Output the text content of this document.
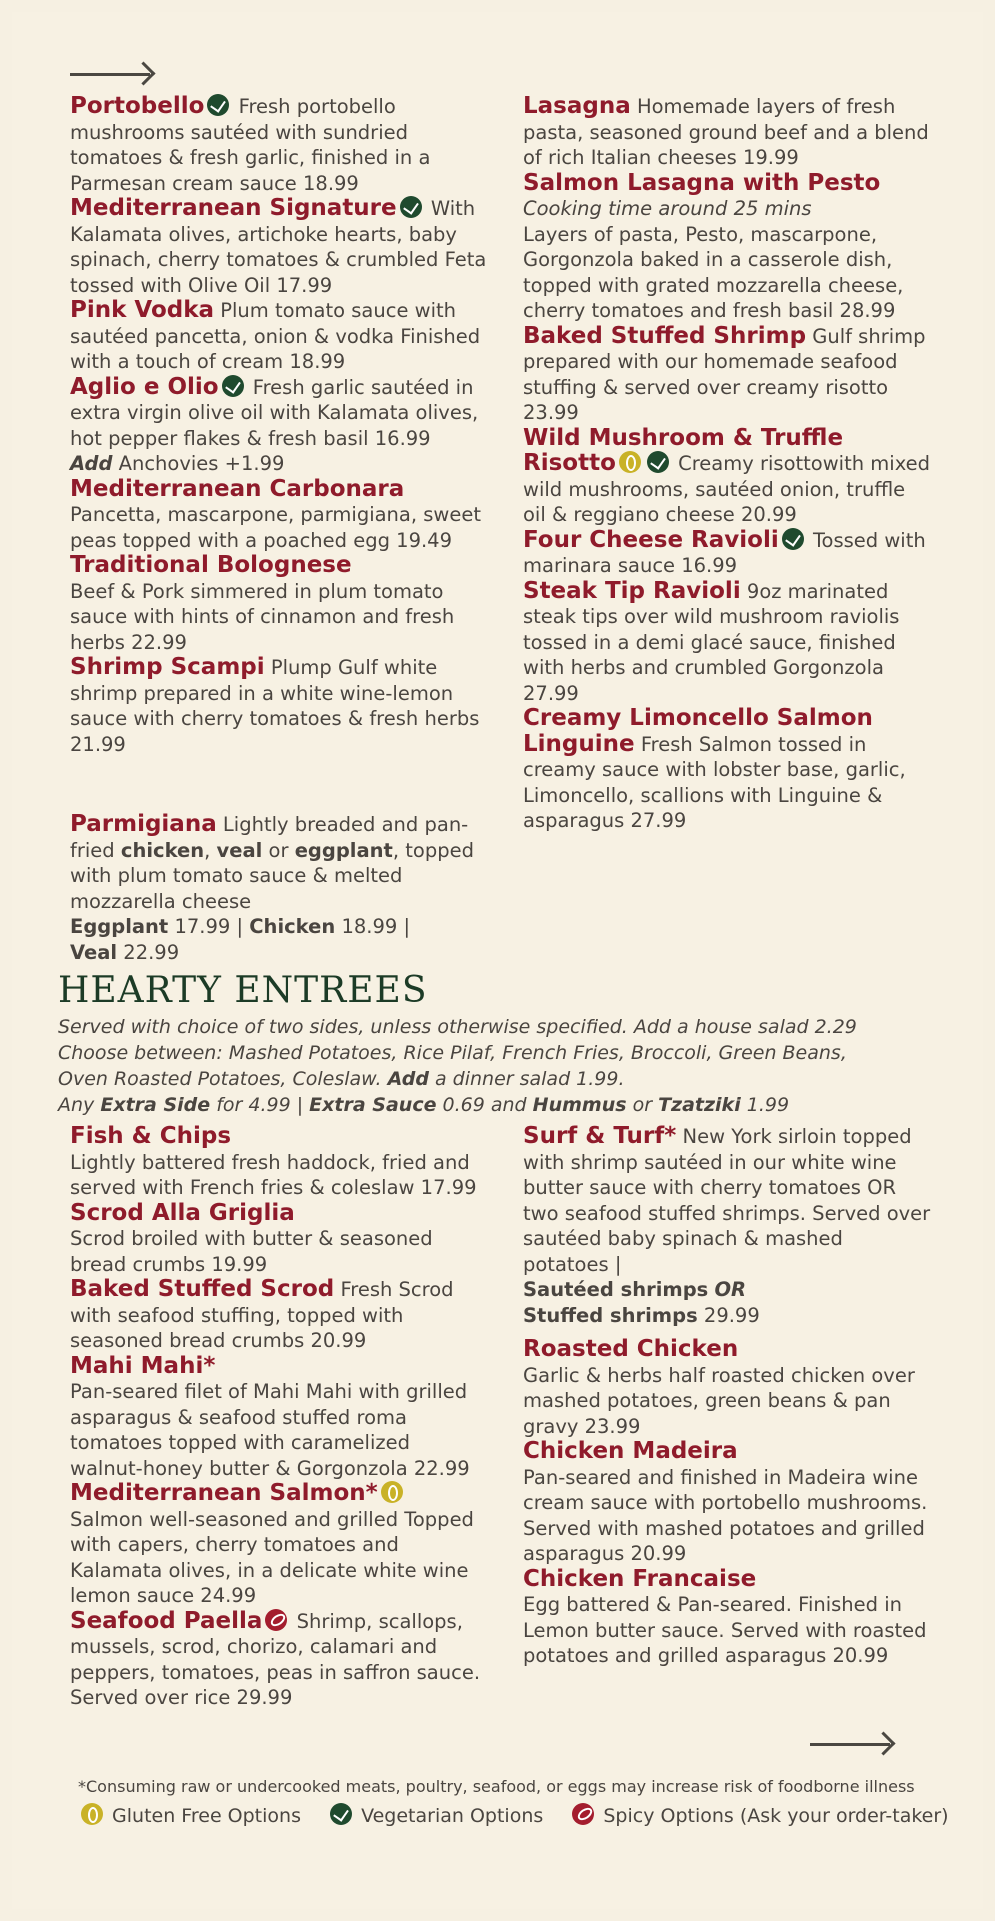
Portobello Fresh portobello mushrooms sautéed with sundried tomatoes & fresh garlic, finished in a Parmesan cream sauce 18.99
Mediterranean Signature With Kalamata olives, artichoke hearts, baby spinach, cherry tomatoes & crumbled Feta tossed with Olive Oil 17.99
Pink Vodka Plum tomato sauce with sautéed pancetta, onion & vodka Finished with a touch of cream 18.99
Aglio e Olio Fresh garlic sautéed in extra virgin olive oil with Kalamata olives, hot pepper flakes & fresh basil 16.99
Add Anchovies +1.99
Mediterranean Carbonara
Pancetta, mascarpone, parmigiana, sweet peas topped with a poached egg 19.49
Traditional Bolognese
Beef & Pork simmered in plum tomato sauce with hints of cinnamon and fresh herbs 22.99
Shrimp Scampi Plump Gulf white shrimp prepared in a white wine-lemon sauce with cherry tomatoes & fresh herbs 21.99
Parmigiana Lightly breaded and pan-fried chicken, veal or eggplant, topped with plum tomato sauce & melted mozzarella cheese
Eggplant 17.99 | Chicken 18.99 |
Veal 22.99
Lasagna Homemade layers of fresh pasta, seasoned ground beef and a blend of rich Italian cheeses 19.99
Salmon Lasagna with Pesto
Cooking time around 25 mins
Layers of pasta, Pesto, mascarpone, Gorgonzola baked in a casserole dish, topped with grated mozzarella cheese, cherry tomatoes and fresh basil 28.99
Baked Stuffed Shrimp Gulf shrimp prepared with our homemade seafood stuffing & served over creamy risotto 23.99
Wild Mushroom & Truffle Risotto	Creamy risottowith mixed wild mushrooms, sautéed onion, truffle oil & reggiano cheese 20.99
Four Cheese Ravioli Tossed with marinara sauce 16.99
Steak Tip Ravioli 9oz marinated steak tips over wild mushroom raviolis tossed in a demi glacé sauce, finished with herbs and crumbled Gorgonzola 27.99
Creamy Limoncello Salmon Linguine Fresh Salmon tossed in creamy sauce with lobster base, garlic, Limoncello, scallions with Linguine & asparagus 27.99
HEARTY ENTREES
Served with choice of two sides, unless otherwise specified. Add a house salad 2.29
Choose between: Mashed Potatoes, Rice Pilaf, French Fries, Broccoli, Green Beans,
Oven Roasted Potatoes, Coleslaw. Add a dinner salad 1.99.
Any Extra Side for 4.99 | Extra Sauce 0.69 and Hummus or Tzatziki 1.99
Fish & Chips
Lightly battered fresh haddock, fried and served with French fries & coleslaw 17.99
Scrod Alla Griglia
Scrod broiled with butter & seasoned bread crumbs 19.99
Baked Stuffed Scrod Fresh Scrod with seafood stuffing, topped with seasoned bread crumbs 20.99
Mahi Mahi*
Pan-seared filet of Mahi Mahi with grilled asparagus & seafood stuffed roma tomatoes topped with caramelized walnut-honey butter & Gorgonzola 22.99
Mediterranean Salmon*
Salmon well-seasoned and grilled Topped with capers, cherry tomatoes and Kalamata olives, in a delicate white wine lemon sauce 24.99
Seafood Paella Shrimp, scallops, mussels, scrod, chorizo, calamari and peppers, tomatoes, peas in saffron sauce. Served over rice 29.99
Surf & Turf* New York sirloin topped with shrimp sautéed in our white wine butter sauce with cherry tomatoes OR two seafood stuffed shrimps. Served over sautéed baby spinach & mashed potatoes |
Sautéed shrimps OR
Stuffed shrimps 29.99
Roasted Chicken
Garlic & herbs half roasted chicken over mashed potatoes, green beans & pan gravy 23.99
Chicken Madeira
Pan-seared and finished in Madeira wine cream sauce with portobello mushrooms. Served with mashed potatoes and grilled asparagus 20.99
Chicken Francaise
Egg battered & Pan-seared. Finished in Lemon butter sauce. Served with roasted potatoes and grilled asparagus 20.99
*Consuming raw or undercooked meats, poultry, seafood, or eggs may increase risk of foodborne illness
Gluten Free Options	Vegetarian Options	Spicy Options (Ask your order-taker)
